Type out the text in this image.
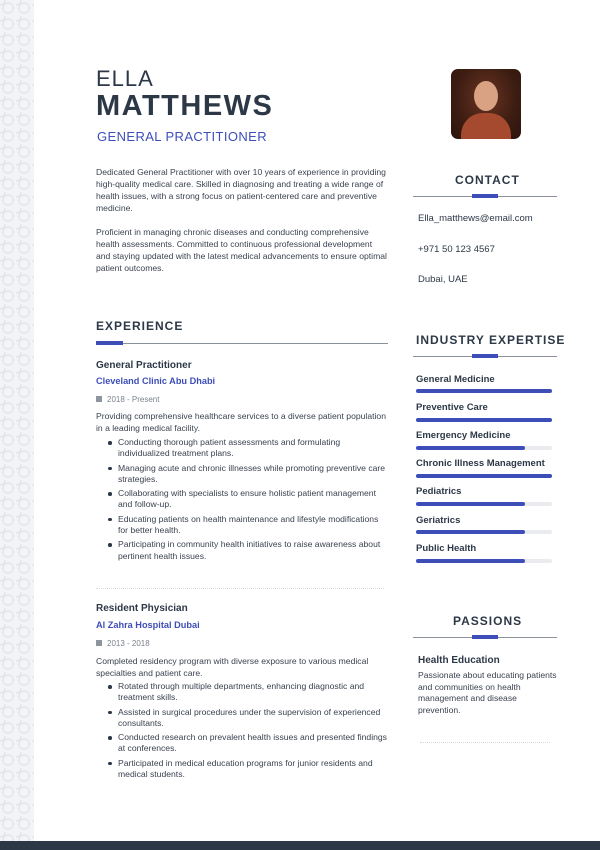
ELLA
MATTHEWS
GENERAL PRACTITIONER

Dedicated General Practitioner with over 10 years of experience in providing high-quality medical care. Skilled in diagnosing and treating a wide range of health issues, with a strong focus on patient-centered care and preventive medicine.

Proficient in managing chronic diseases and conducting comprehensive health assessments. Committed to continuous professional development and staying updated with the latest medical advancements to ensure optimal patient outcomes.

CONTACT
Ella_matthews@email.com
+971 50 123 4567
Dubai, UAE
EXPERIENCE
General Practitioner
Cleveland Clinic Abu Dhabi
2018 - Present
Providing comprehensive healthcare services to a diverse patient population in a leading medical facility.
Conducting thorough patient assessments and formulating individualized treatment plans.
Managing acute and chronic illnesses while promoting preventive care strategies.
Collaborating with specialists to ensure holistic patient management and follow-up.
Educating patients on health maintenance and lifestyle modifications for better health.
Participating in community health initiatives to raise awareness about pertinent health issues.
Resident Physician
Al Zahra Hospital Dubai
2013 - 2018
Completed residency program with diverse exposure to various medical specialties and patient care.
Rotated through multiple departments, enhancing diagnostic and treatment skills.
Assisted in surgical procedures under the supervision of experienced consultants.
Conducted research on prevalent health issues and presented findings at conferences.
Participated in medical education programs for junior residents and medical students.
INDUSTRY EXPERTISE
General Medicine
Preventive Care
Emergency Medicine
Chronic Illness Management
Pediatrics
Geriatrics
Public Health
PASSIONS
Health Education
Passionate about educating patients and communities on health management and disease prevention.
